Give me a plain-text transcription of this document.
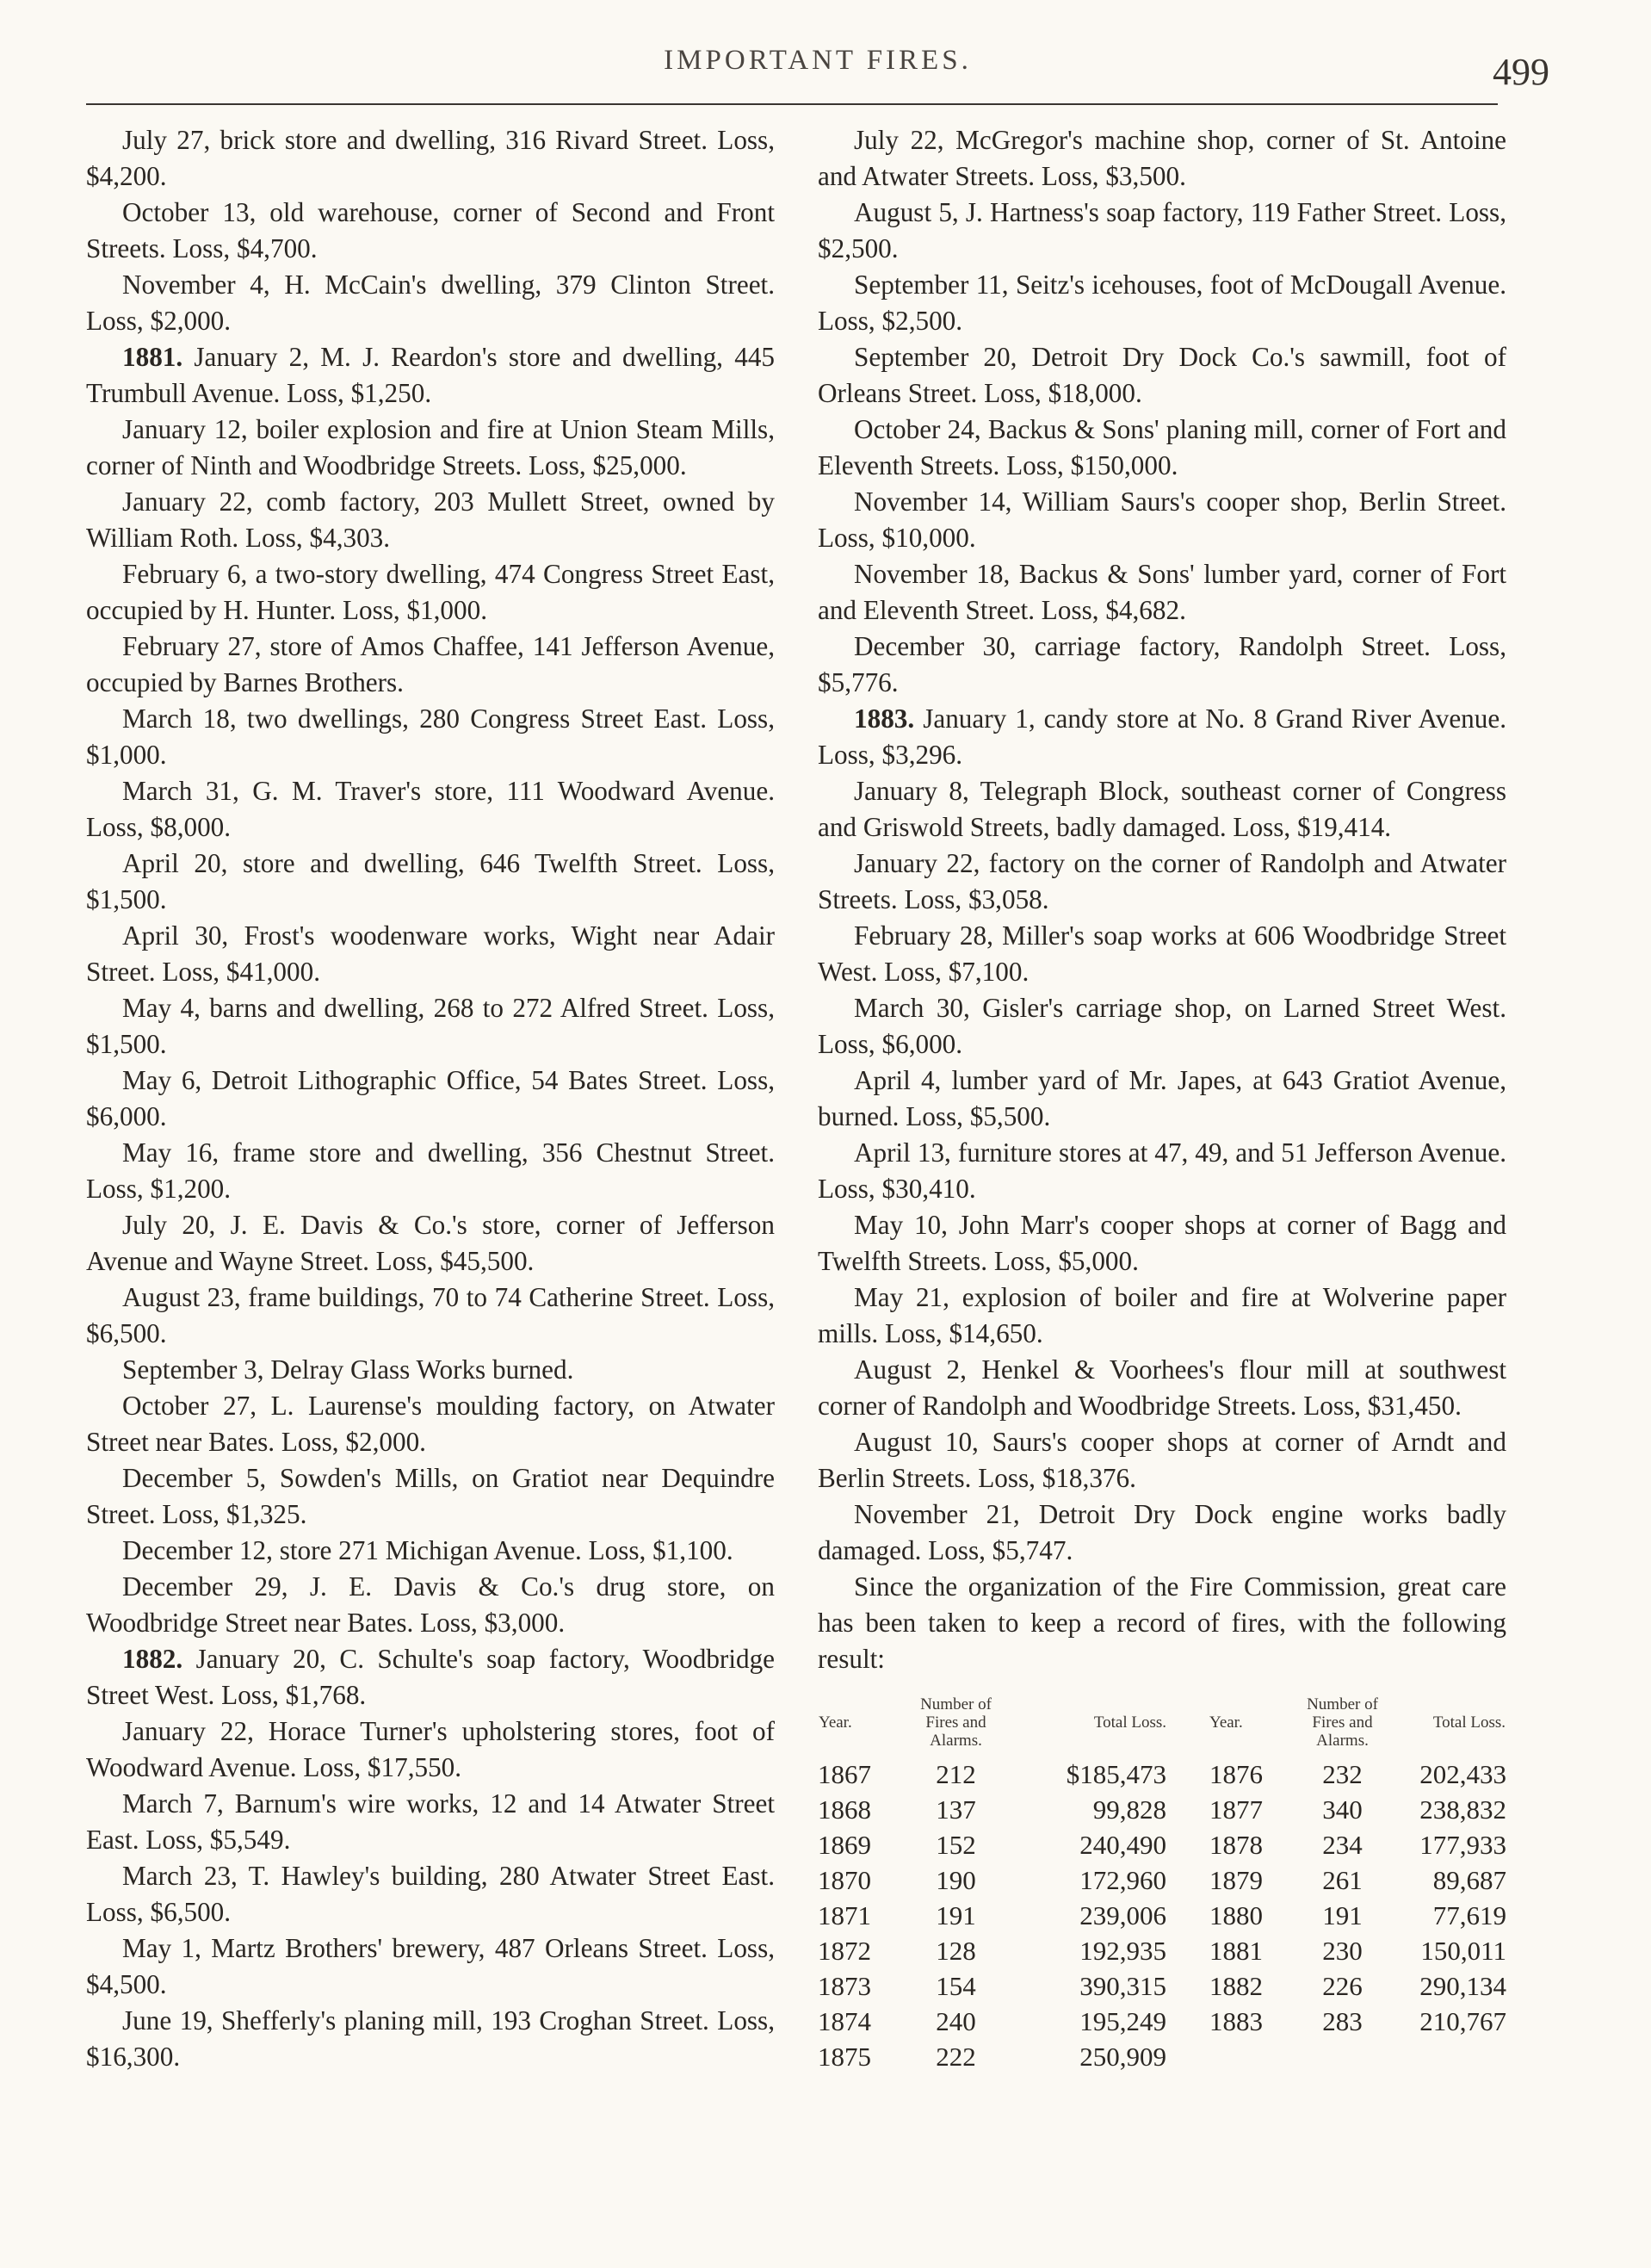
IMPORTANT FIRES.	499

July 27, brick store and dwelling, 316 Rivard Street. Loss, $4,200.

October 13, old warehouse, corner of Second and Front Streets. Loss, $4,700.

November 4, H. McCain's dwelling, 379 Clinton Street. Loss, $2,000.

1881. January 2, M. J. Reardon's store and dwelling, 445 Trumbull Avenue. Loss, $1,250.

January 12, boiler explosion and fire at Union Steam Mills, corner of Ninth and Woodbridge Streets. Loss, $25,000.

January 22, comb factory, 203 Mullett Street, owned by William Roth. Loss, $4,303.

February 6, a two-story dwelling, 474 Congress Street East, occupied by H. Hunter. Loss, $1,000.

February 27, store of Amos Chaffee, 141 Jefferson Avenue, occupied by Barnes Brothers.

March 18, two dwellings, 280 Congress Street East. Loss, $1,000.

March 31, G. M. Traver's store, 111 Woodward Avenue. Loss, $8,000.

April 20, store and dwelling, 646 Twelfth Street. Loss, $1,500.

April 30, Frost's woodenware works, Wight near Adair Street. Loss, $41,000.

May 4, barns and dwelling, 268 to 272 Alfred Street. Loss, $1,500.

May 6, Detroit Lithographic Office, 54 Bates Street. Loss, $6,000.

May 16, frame store and dwelling, 356 Chestnut Street. Loss, $1,200.

July 20, J. E. Davis & Co.'s store, corner of Jefferson Avenue and Wayne Street. Loss, $45,500.

August 23, frame buildings, 70 to 74 Catherine Street. Loss, $6,500.

September 3, Delray Glass Works burned.

October 27, L. Laurense's moulding factory, on Atwater Street near Bates. Loss, $2,000.

December 5, Sowden's Mills, on Gratiot near Dequindre Street. Loss, $1,325.

December 12, store 271 Michigan Avenue. Loss, $1,100.

December 29, J. E. Davis & Co.'s drug store, on Woodbridge Street near Bates. Loss, $3,000.

1882. January 20, C. Schulte's soap factory, Woodbridge Street West. Loss, $1,768.

January 22, Horace Turner's upholstering stores, foot of Woodward Avenue. Loss, $17,550.

March 7, Barnum's wire works, 12 and 14 Atwater Street East. Loss, $5,549.

March 23, T. Hawley's building, 280 Atwater Street East. Loss, $6,500.

May 1, Martz Brothers' brewery, 487 Orleans Street. Loss, $4,500.

June 19, Shefferly's planing mill, 193 Croghan Street. Loss, $16,300.

July 22, McGregor's machine shop, corner of St. Antoine and Atwater Streets. Loss, $3,500.

August 5, J. Hartness's soap factory, 119 Father Street. Loss, $2,500.

September 11, Seitz's icehouses, foot of McDougall Avenue. Loss, $2,500.

September 20, Detroit Dry Dock Co.'s sawmill, foot of Orleans Street. Loss, $18,000.

October 24, Backus & Sons' planing mill, corner of Fort and Eleventh Streets. Loss, $150,000.

November 14, William Saurs's cooper shop, Berlin Street. Loss, $10,000.

November 18, Backus & Sons' lumber yard, corner of Fort and Eleventh Street. Loss, $4,682.

December 30, carriage factory, Randolph Street. Loss, $5,776.

1883. January 1, candy store at No. 8 Grand River Avenue. Loss, $3,296.

January 8, Telegraph Block, southeast corner of Congress and Griswold Streets, badly damaged. Loss, $19,414.

January 22, factory on the corner of Randolph and Atwater Streets. Loss, $3,058.

February 28, Miller's soap works at 606 Woodbridge Street West. Loss, $7,100.

March 30, Gisler's carriage shop, on Larned Street West. Loss, $6,000.

April 4, lumber yard of Mr. Japes, at 643 Gratiot Avenue, burned. Loss, $5,500.

April 13, furniture stores at 47, 49, and 51 Jefferson Avenue. Loss, $30,410.

May 10, John Marr's cooper shops at corner of Bagg and Twelfth Streets. Loss, $5,000.

May 21, explosion of boiler and fire at Wolverine paper mills. Loss, $14,650.

August 2, Henkel & Voorhees's flour mill at southwest corner of Randolph and Woodbridge Streets. Loss, $31,450.

August 10, Saurs's cooper shops at corner of Arndt and Berlin Streets. Loss, $18,376.

November 21, Detroit Dry Dock engine works badly damaged. Loss, $5,747.

Since the organization of the Fire Commission, great care has been taken to keep a record of fires, with the following result:

Year.	Number of Fires and Alarms.	Total Loss.	Year.	Number of Fires and Alarms.	Total Loss.
1867	212	$185,473	1876	232	202,433
1868	137	99,828	1877	340	238,832
1869	152	240,490	1878	234	177,933
1870	190	172,960	1879	261	89,687
1871	191	239,006	1880	191	77,619
1872	128	192,935	1881	230	150,011
1873	154	390,315	1882	226	290,134
1874	240	195,249	1883	283	210,767
1875	222	250,909			
